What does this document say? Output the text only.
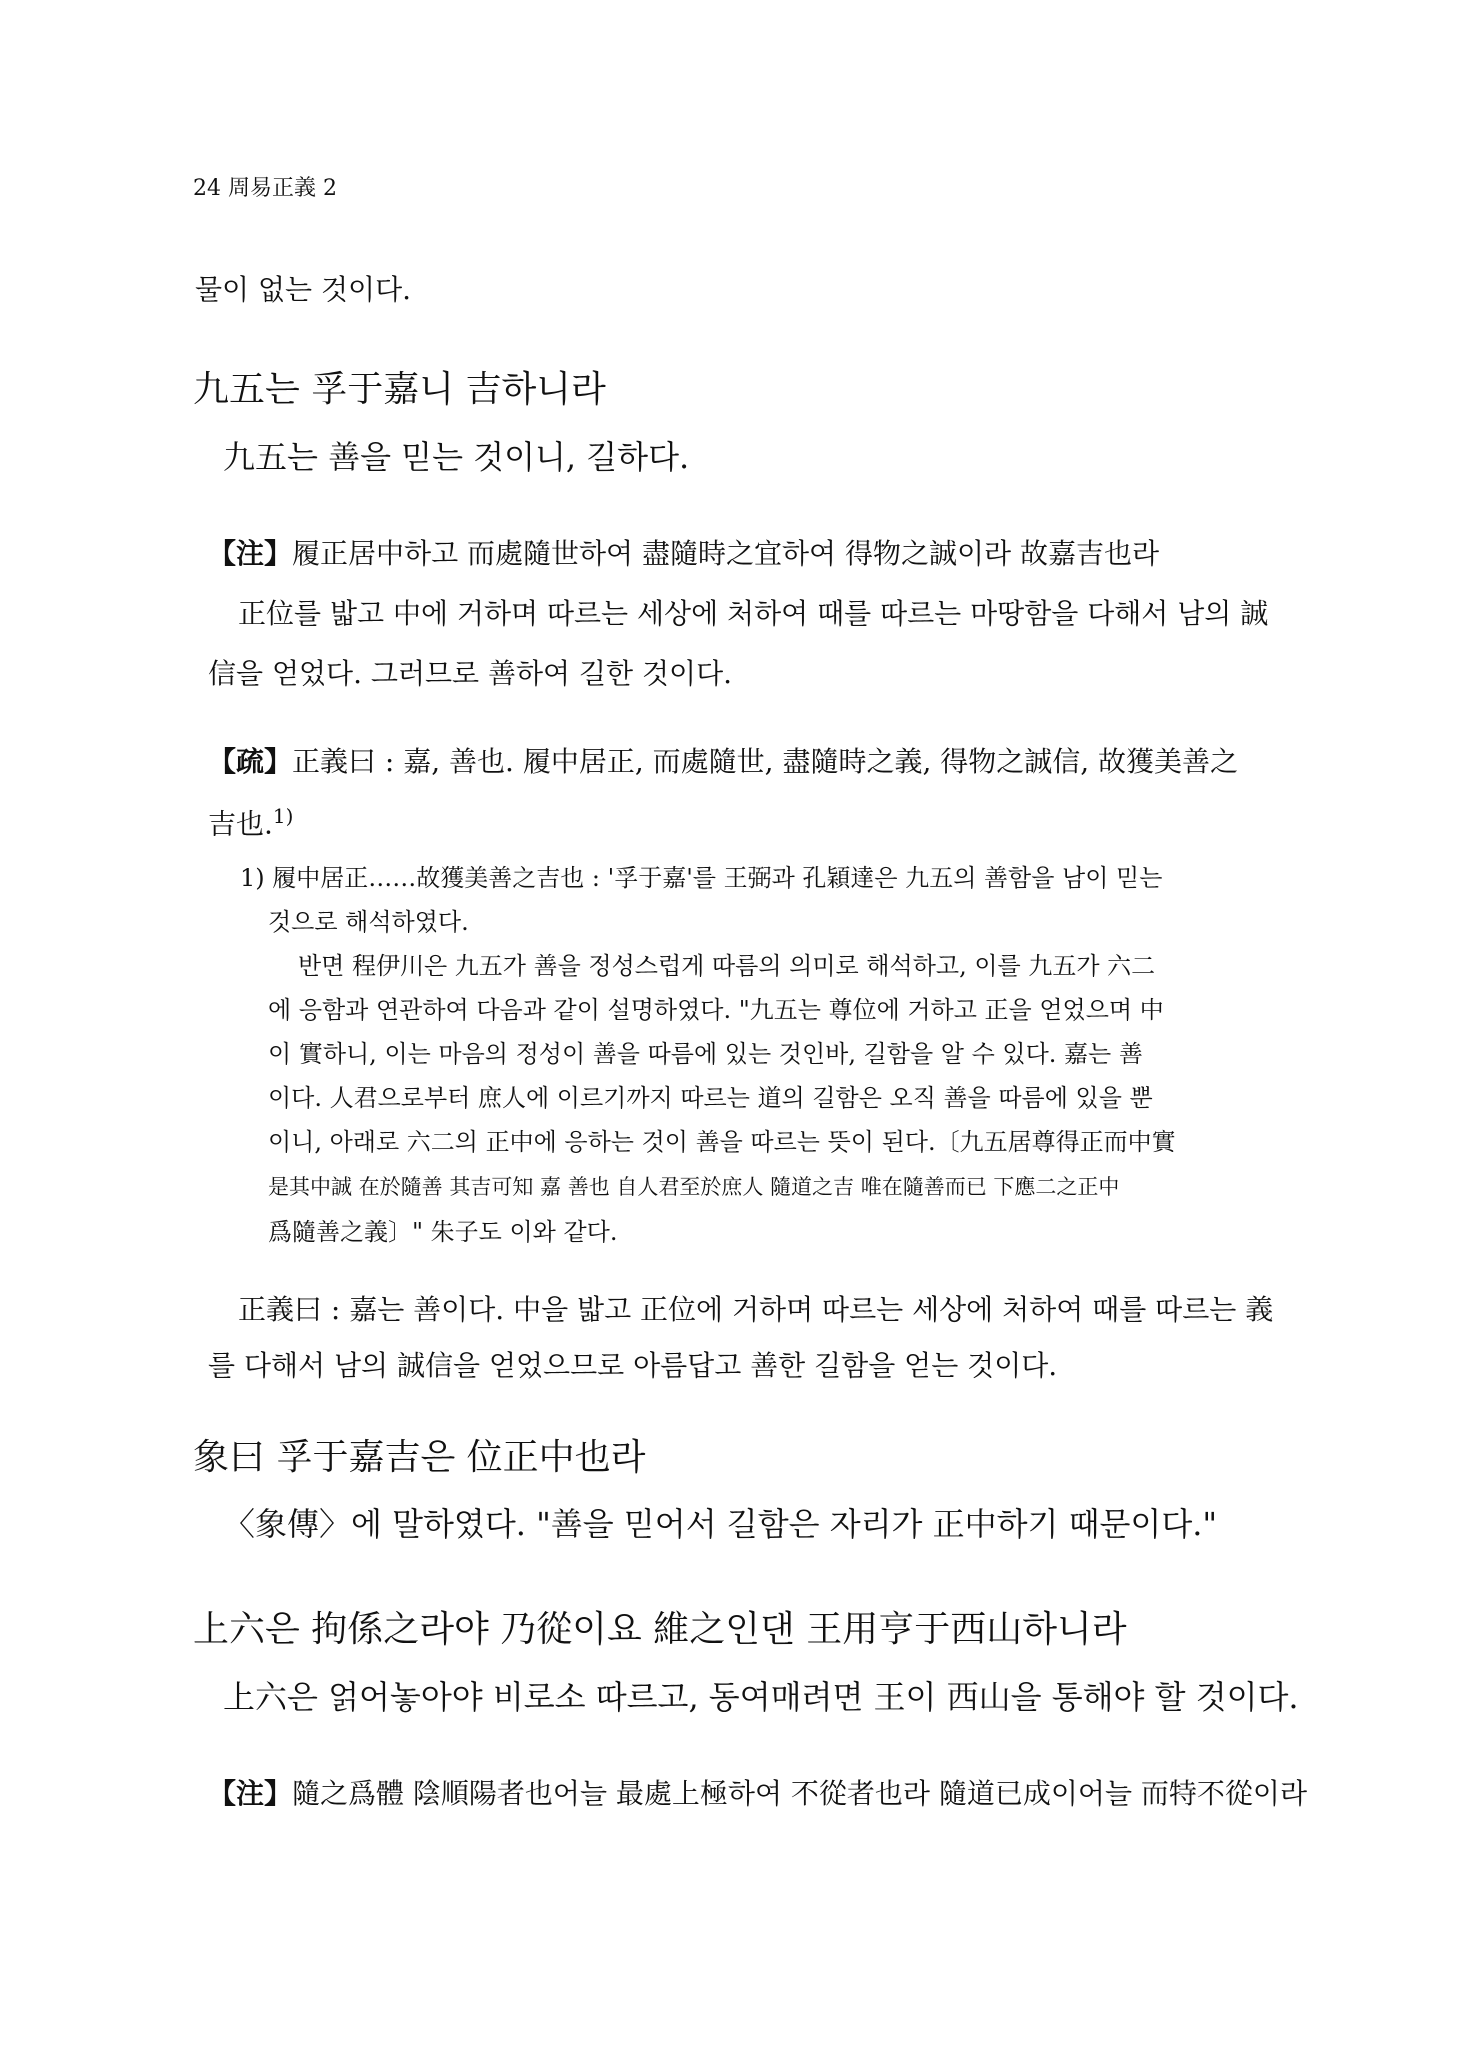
24 周易正義 2
물이 없는 것이다.
九五는 孚于嘉니 吉하니라
九五는 善을 믿는 것이니, 길하다.
【注】履正居中하고 而處隨世하여 盡隨時之宜하여 得物之誠이라 故嘉吉也라
正位를 밟고 中에 거하며 따르는 세상에 처하여 때를 따르는 마땅함을 다해서 남의 誠
信을 얻었다. 그러므로 善하여 길한 것이다.
【疏】正義曰 : 嘉, 善也. 履中居正, 而處隨世, 盡隨時之義, 得物之誠信, 故獲美善之
吉也.$^{1)}$
1) 履中居正……故獲美善之吉也 : '孚于嘉'를 王弼과 孔穎達은 九五의 善함을 남이 믿는
것으로 해석하였다.
반면 程伊川은 九五가 善을 정성스럽게 따름의 의미로 해석하고, 이를 九五가 六二
에 응함과 연관하여 다음과 같이 설명하였다. "九五는 尊位에 거하고 正을 얻었으며 中
이 實하니, 이는 마음의 정성이 善을 따름에 있는 것인바, 길함을 알 수 있다. 嘉는 善
이다. 人君으로부터 庶人에 이르기까지 따르는 道의 길함은 오직 善을 따름에 있을 뿐
이니, 아래로 六二의 正中에 응하는 것이 善을 따르는 뜻이 된다.〔九五居尊得正而中實
是其中誠 在於隨善 其吉可知 嘉 善也 自人君至於庶人 隨道之吉 唯在隨善而已 下應二之正中
爲隨善之義〕" 朱子도 이와 같다.
正義曰 : 嘉는 善이다. 中을 밟고 正位에 거하며 따르는 세상에 처하여 때를 따르는 義
를 다해서 남의 誠信을 얻었으므로 아름답고 善한 길함을 얻는 것이다.
象曰 孚于嘉吉은 位正中也라
〈象傳〉에 말하였다. "善을 믿어서 길함은 자리가 正中하기 때문이다."
上六은 拘係之라야 乃從이요 維之인댄 王用亨于西山하니라
上六은 얽어놓아야 비로소 따르고, 동여매려면 王이 西山을 통해야 할 것이다.
【注】隨之爲體 陰順陽者也어늘 最處上極하여 不從者也라 隨道已成이어늘 而特不從이라
